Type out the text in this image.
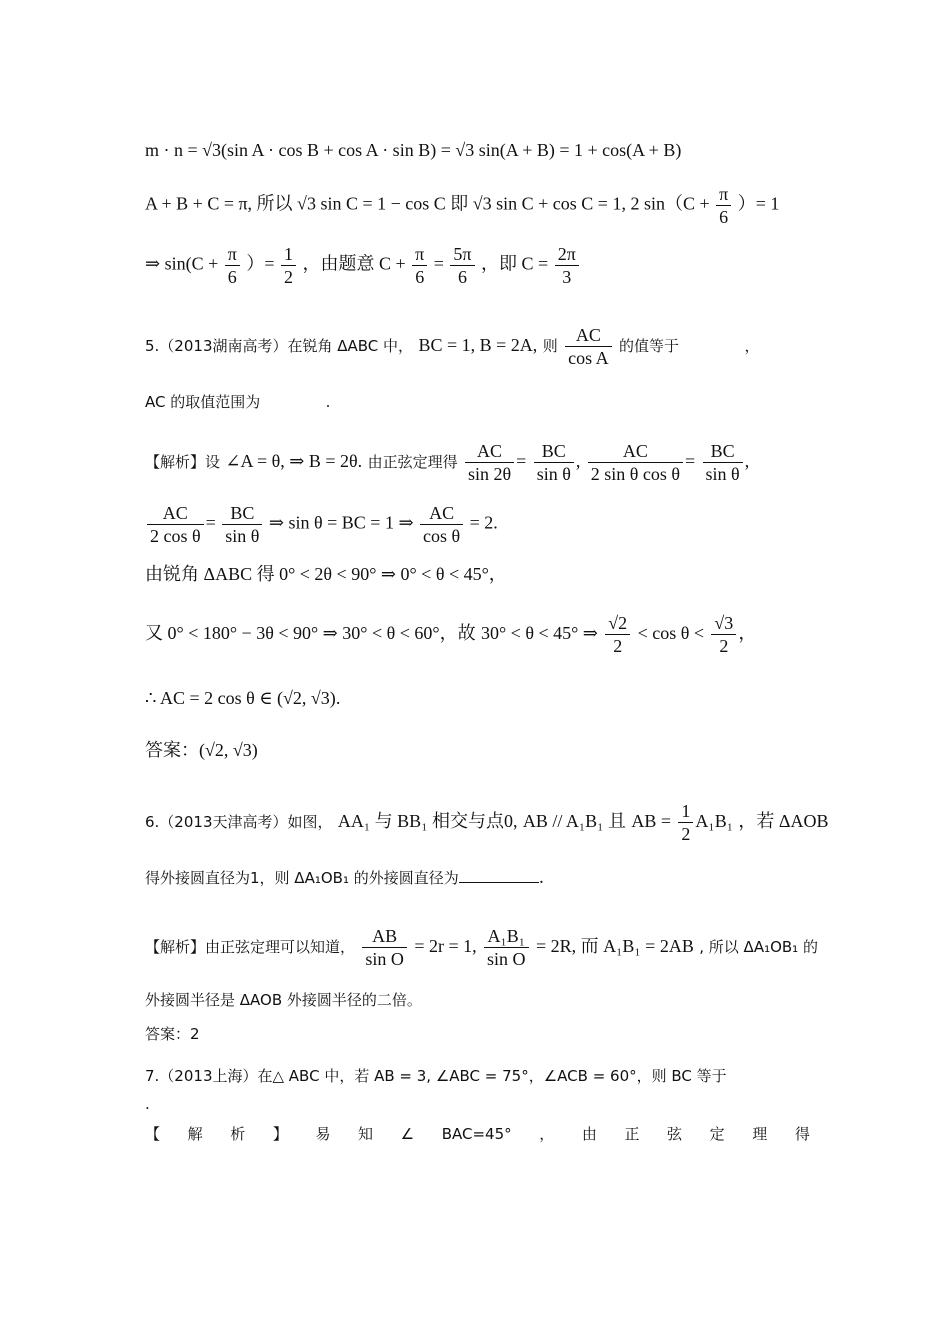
m · n = √3(sin A · cos B + cos A · sin B) = √3 sin(A + B) = 1 + cos(A + B)
A + B + C = π, 所以 √3 sin C = 1 − cos C 即 √3 sin C + cos C = 1, 2 $\sin(C + \frac{\pi}{6}$ ）= 1
⇒ $\sin(C + \frac{\pi}{6}$ ）= $\frac{1}{2}$ ，由题意 $C + \frac{\pi}{6} = \frac{5\pi}{6}$ ，即 $C = \frac{2\pi}{3}$
5.（2013湖南高考）在锐角 ΔABC 中， BC = 1, B = 2A, 则 $\frac{AC}{\text{cos A}}$ 的值等于	，
AC 的取值范围为	.
【解析】设 ∠A = θ, ⇒ B = 2θ. 由正弦定理得 $\frac{AC}{\sin 2\theta} = \frac{BC}{\text{sin θ}}$ , $\frac{AC}{\text{2 sin θ cos θ}} = \frac{BC}{\text{sin θ}}$ ,
$\frac{AC}{\text{2 cos θ}} = \frac{BC}{\text{sin θ}}$ ⇒ sin θ = BC = 1 ⇒ $\frac{AC}{\text{cos θ}} = 2$.
由锐角 ΔABC 得 0° < 2θ < 90° ⇒ 0° < θ < 45°，
又 0° < 180° − 3θ < 90° ⇒ 30° < θ < 60°，故 30° < θ < 45° ⇒ $\frac{√2}{2} < \cos \theta < \frac{√3}{2}$ ，
∴ AC = 2 cos θ ∈ (√2, √3).
答案：(√2, √3)
6.（2013天津高考）如图， AA₁ 与 BB₁ 相交与点0, AB // A₁B₁ 且 AB = $\frac{1}{2} A_1B_1$ ，若 ΔAOB
得外接圆直径为1，则 ΔA₁OB₁ 的外接圆直径为	.
【解析】由正弦定理可以知道， $\frac{AB}{\text{sin O}} = 2r = 1$, $\frac{\text{A₁B₁}}{\text{sin O}} = 2R$, 而 A₁B₁ = 2AB , 所以 ΔA₁OB₁ 的
外接圆半径是 ΔAOB 外接圆半径的二倍。
答案：2
7.（2013上海）在△ ABC 中，若 AB = 3, ∠ABC = 75°，∠ACB = 60°，则 BC 等于
.
【 解 析 】 易 知 ∠ BAC=45° ， 由 正 弦 定 理 得
